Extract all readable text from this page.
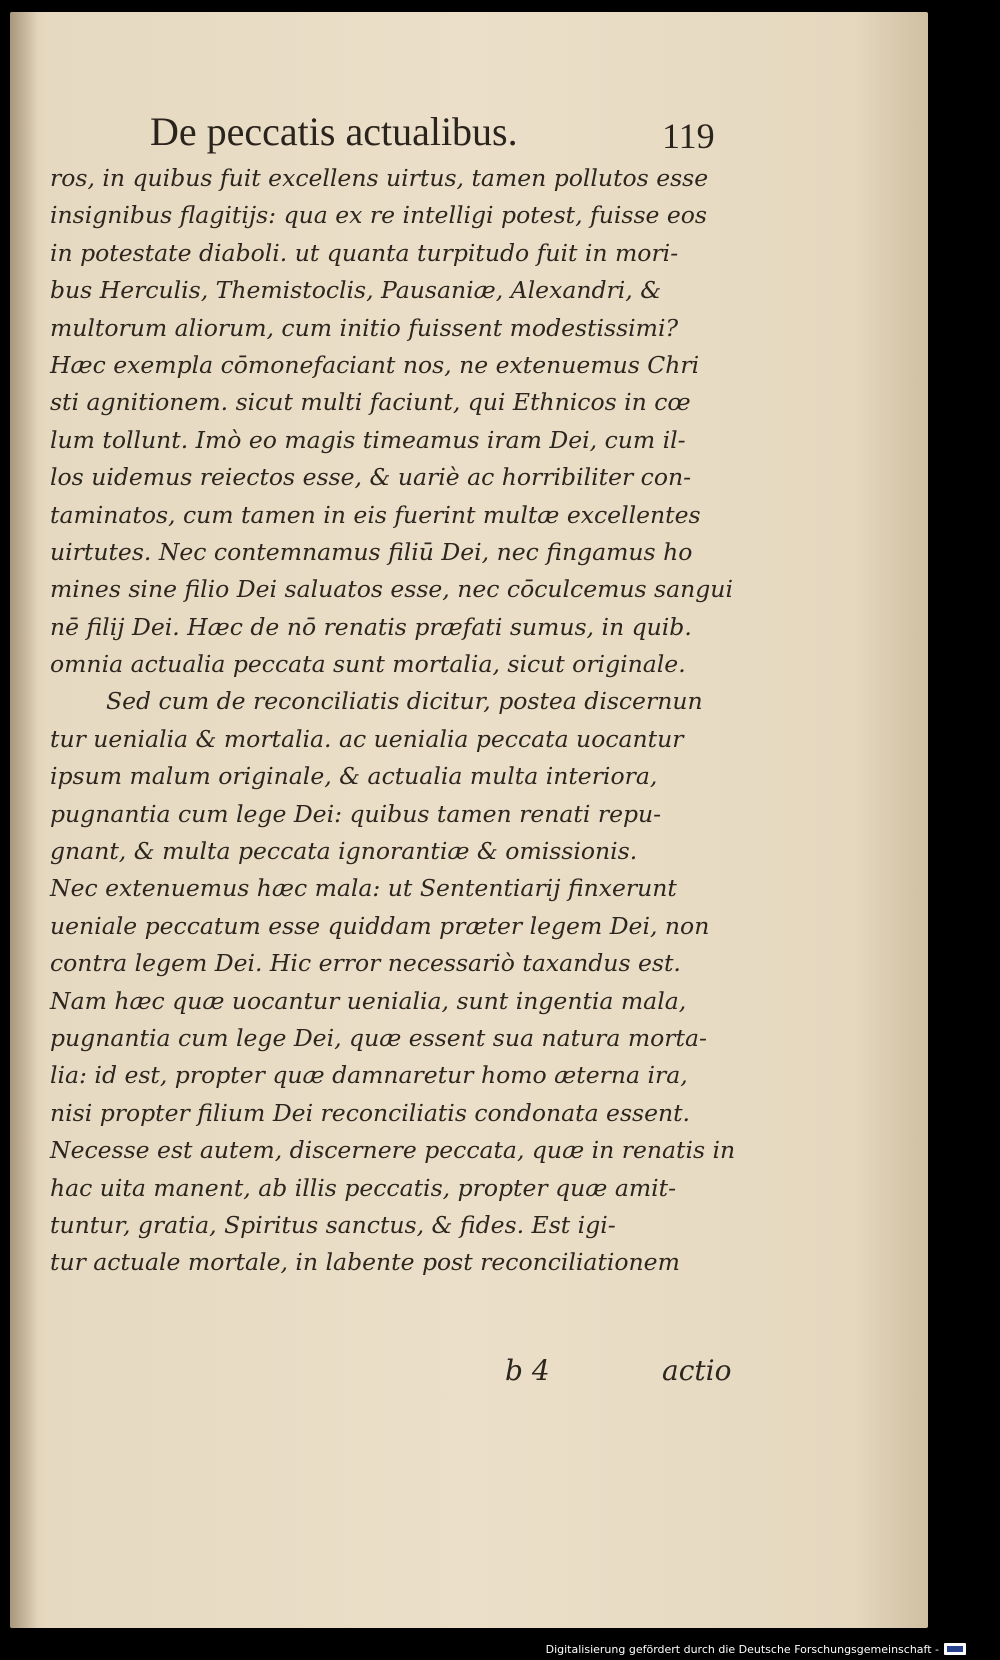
De peccatis actualibus.	119
ros, in quibus fuit excellens uirtus, tamen pollutos esse
insignibus flagitijs: qua ex re intelligi potest, fuisse eos
in potestate diaboli. ut quanta turpitudo fuit in mori-
bus Herculis, Themistoclis, Pausaniæ, Alexandri, &
multorum aliorum, cum initio fuissent modestissimi?
Hæc exempla cōmonefaciant nos, ne extenuemus Chri
sti agnitionem. sicut multi faciunt, qui Ethnicos in cœ
lum tollunt. Imò eo magis timeamus iram Dei, cum il-
los uidemus reiectos esse, & uariè ac horribiliter con-
taminatos, cum tamen in eis fuerint multæ excellentes
uirtutes. Nec contemnamus filiū Dei, nec fingamus ho
mines sine filio Dei saluatos esse, nec cōculcemus sangui
nē filij Dei. Hæc de nō renatis præfati sumus, in quib.
omnia actualia peccata sunt mortalia, sicut originale.
Sed cum de reconciliatis dicitur, postea discernun
tur uenialia & mortalia. ac uenialia peccata uocantur
ipsum malum originale, & actualia multa interiora,
pugnantia cum lege Dei: quibus tamen renati repu-
gnant, & multa peccata ignorantiæ & omissionis.
Nec extenuemus hæc mala: ut Sententiarij finxerunt
ueniale peccatum esse quiddam præter legem Dei, non
contra legem Dei. Hic error necessariò taxandus est.
Nam hæc quæ uocantur uenialia, sunt ingentia mala,
pugnantia cum lege Dei, quæ essent sua natura morta-
lia: id est, propter quæ damnaretur homo æterna ira,
nisi propter filium Dei reconciliatis condonata essent.
Necesse est autem, discernere peccata, quæ in renatis in
hac uita manent, ab illis peccatis, propter quæ amit-
tuntur, gratia, Spiritus sanctus, & fides. Est igi-
tur actuale mortale, in labente post reconciliationem
b 4	actio
Digitalisierung gefördert durch die Deutsche Forschungsgemeinschaft -
